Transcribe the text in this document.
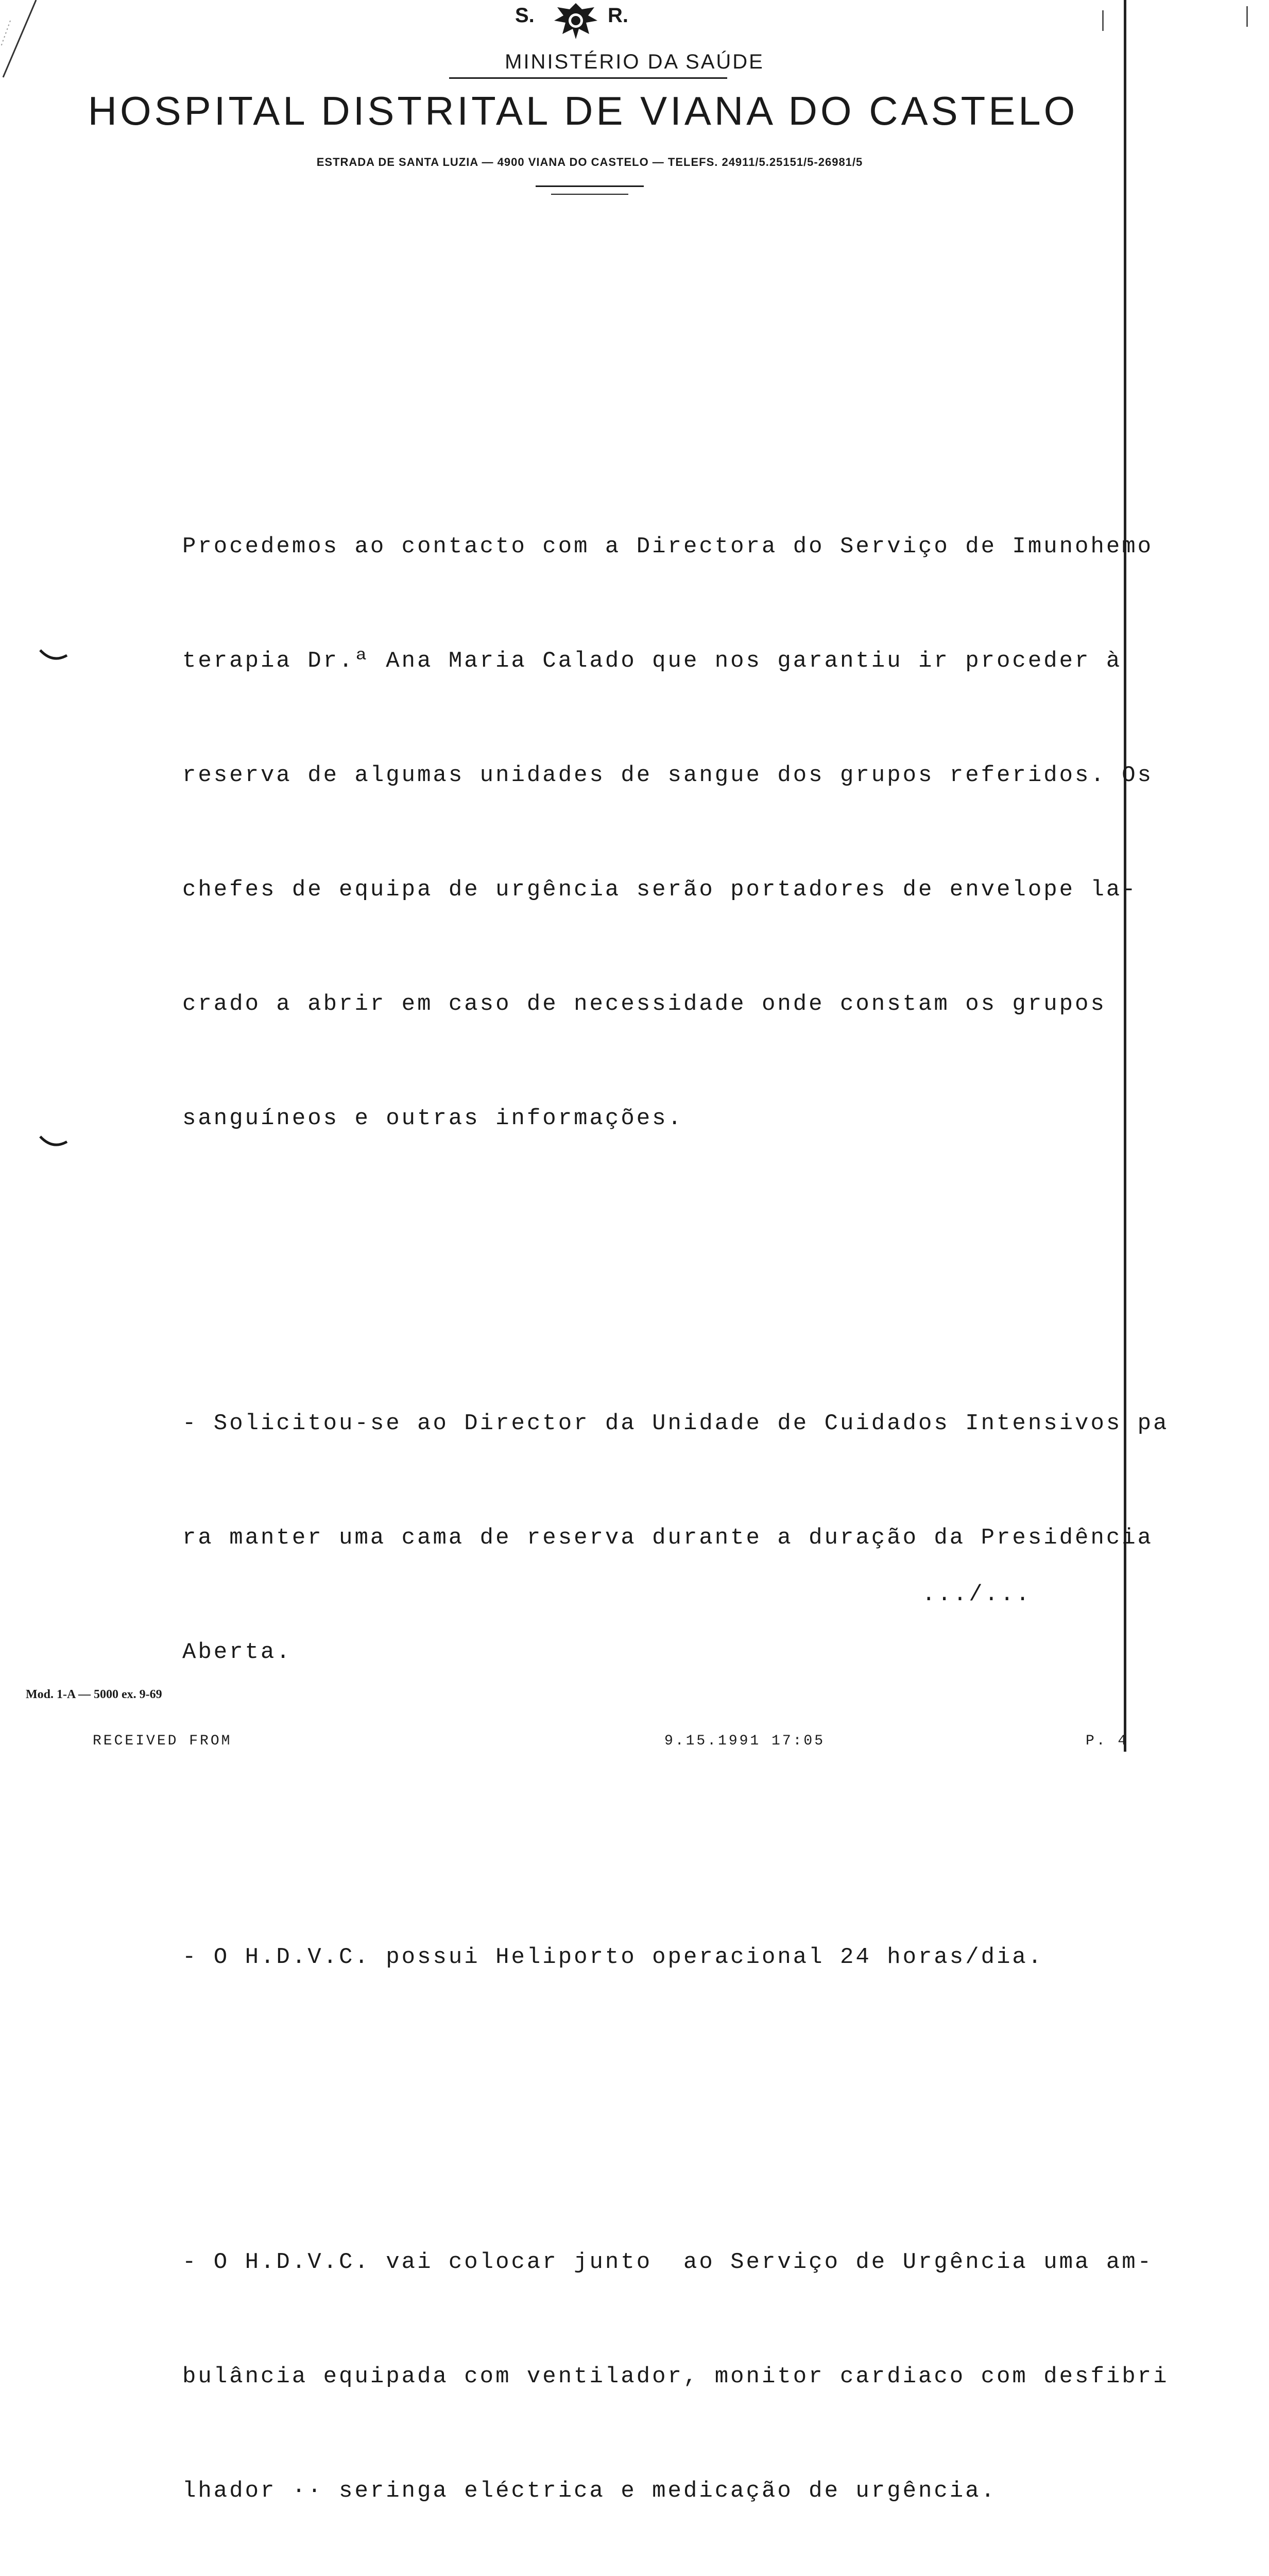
S.	R.
MINISTÉRIO DA SAÚDE
HOSPITAL DISTRITAL DE VIANA DO CASTELO
ESTRADA DE SANTA LUZIA — 4900 VIANA DO CASTELO — TELEFS. 24911/5.25151/5-26981/5

Procedemos ao contacto com a Directora do Serviço de Imunohemo

terapia Dr.ª Ana Maria Calado que nos garantiu ir proceder à

reserva de algumas unidades de sangue dos grupos referidos. Os

chefes de equipa de urgência serão portadores de envelope la-

crado a abrir em caso de necessidade onde constam os grupos

sanguíneos e outras informações.

- Solicitou-se ao Director da Unidade de Cuidados Intensivos pa

ra manter uma cama de reserva durante a duração da Presidência

Aberta.

- O H.D.V.C. possui Heliporto operacional 24 horas/dia.

- O H.D.V.C. vai colocar junto  ao Serviço de Urgência uma am-

bulância equipada com ventilador, monitor cardiaco com desfibri

lhador ·· seringa eléctrica e medicação de urgência.

.../...
Mod. 1-A — 5000 ex. 9-69
RECEIVED FROM	9.15.1991 17:05	P. 4
